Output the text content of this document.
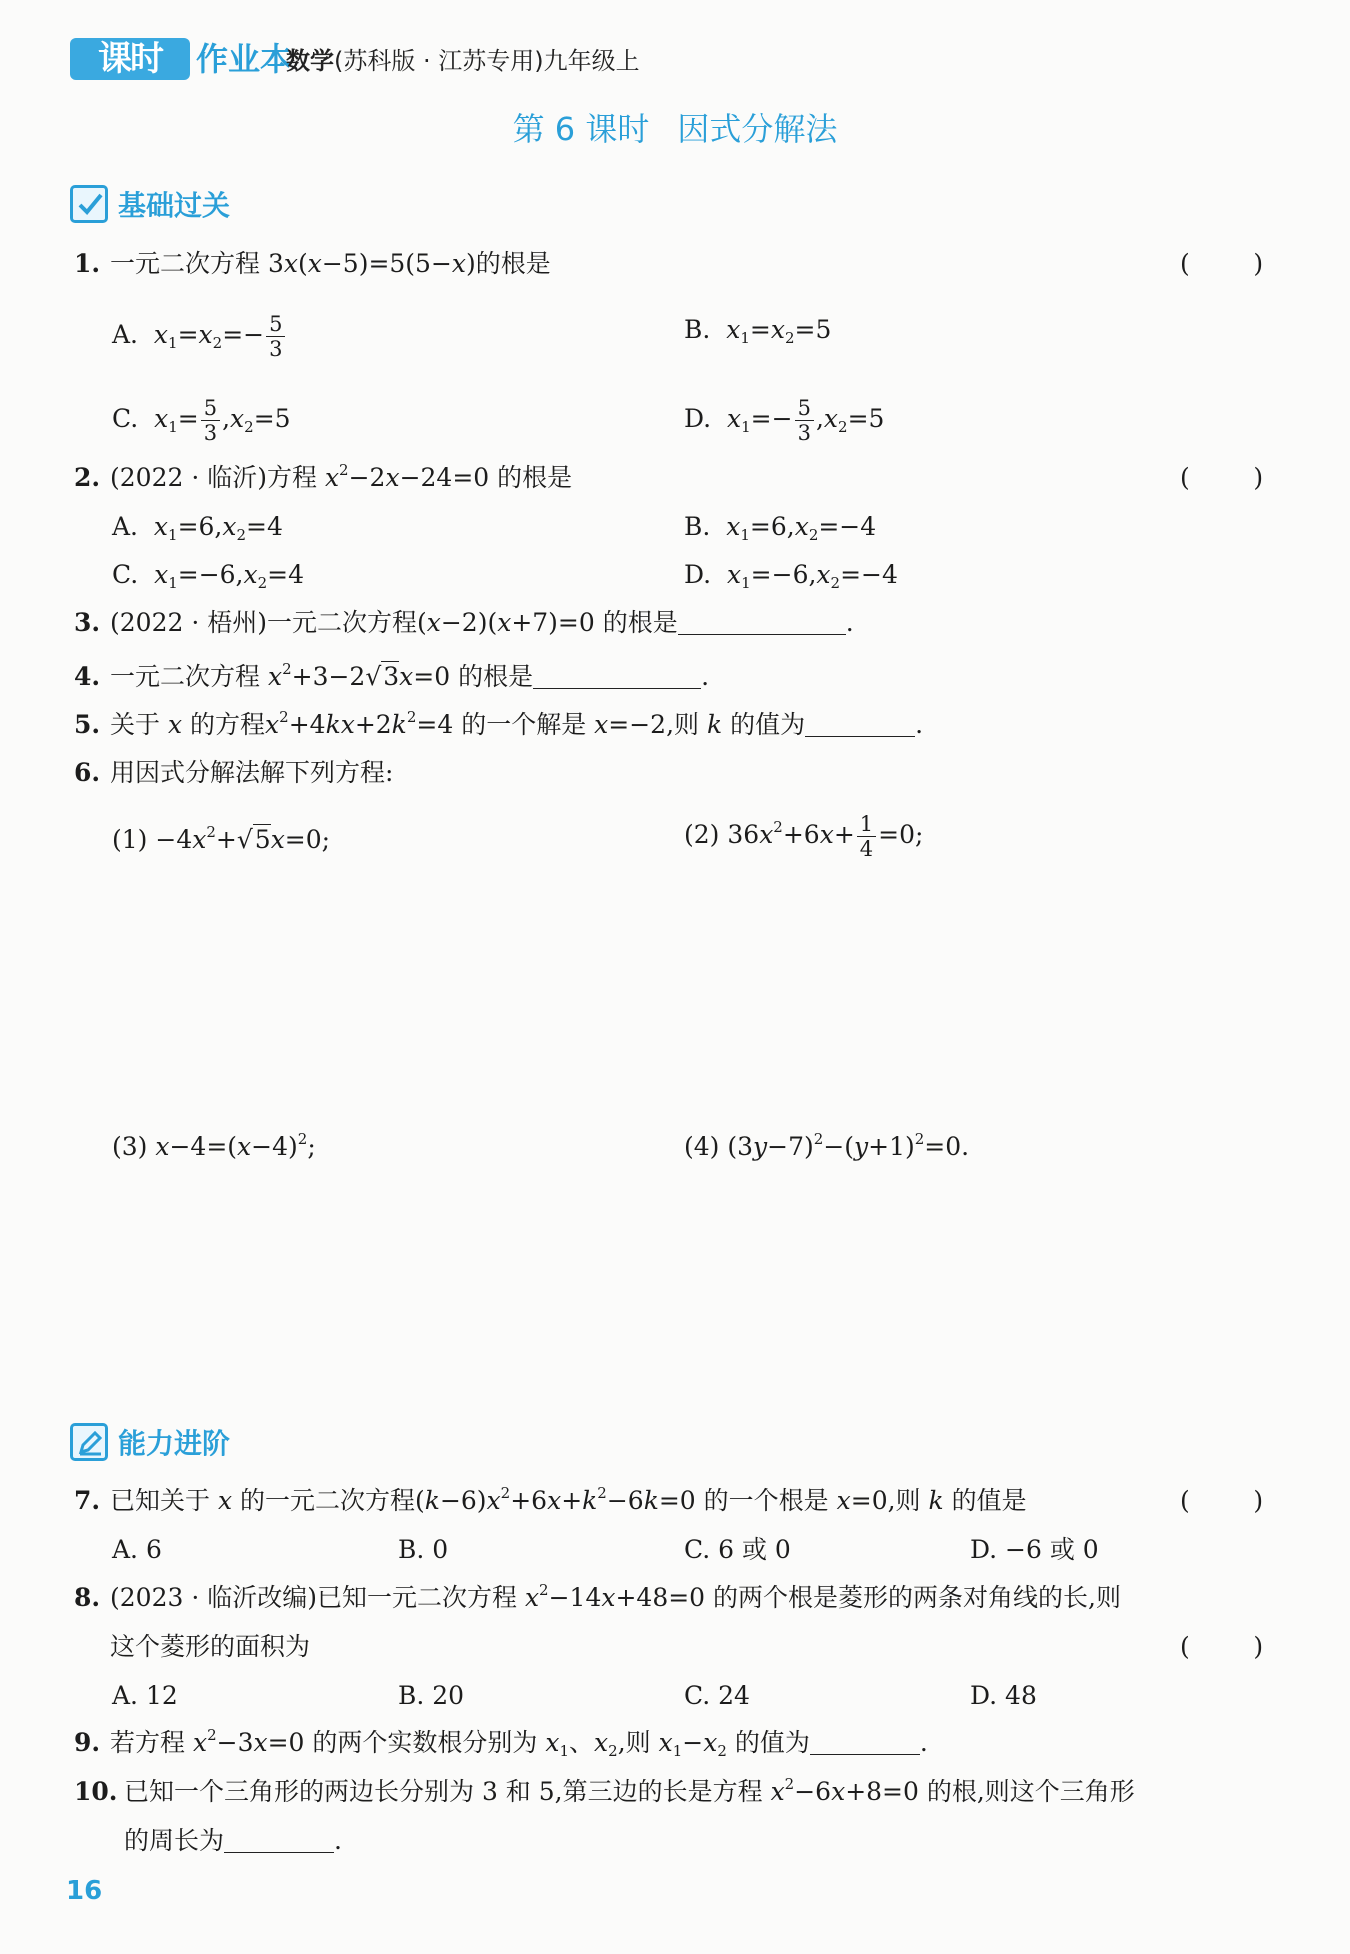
课时	作业本
数学(苏科版 · 江苏专用)九年级上
第 6 课时 因式分解法
基础过关
1. 一元二次方程 3x(x−5)=5(5−x)的根是	(        )
A. $x_1=x_2=- \frac{5}{3}$	B. $x_1=x_2=5$
C. $x_1= \frac{5}{3} ,x_2=5$	D. $x_1=- \frac{5}{3} ,x_2=5$
2. (2022 · 临沂)方程 $x^2-2x-24=0$ 的根是	(        )
A. $x_1=6,x_2=4$	B. $x_1=6,x_2=-4$
C. $x_1=-6,x_2=4$	D. $x_1=-6,x_2=-4$
3. (2022 · 梧州)一元二次方程(x−2)(x+7)=0 的根是	.
4. 一元二次方程 $x^2+3-2√3x=0$ 的根是	.
5. 关于 x 的方程$x^2+4kx+2k^2=4$ 的一个解是 x=−2,则 k 的值为	.
6. 用因式分解法解下列方程:
$(1) -4x^2+√5x=0$;	(2) $36x^2+6x+ \frac{1}{4} =0$;
(3) $x-4=(x-4)^2$;	(4) $(3y-7)^2-(y+1)^2=0$.
能力进阶
7. 已知关于 x 的一元二次方程$(k-6)x^2+6x+k^2-6k=0$ 的一个根是 x=0,则 k 的值是	(        )
A. 6	B. 0	C. 6 或 0	D. −6 或 0
8. (2023 · 临沂改编)已知一元二次方程 $x^2-14x+48=0$ 的两个根是菱形的两条对角线的长,则
这个菱形的面积为	(        )
A. 12	B. 20	C. 24	D. 48
9. 若方程 $x^2-3x=0$ 的两个实数根分别为 $x_1$、$x_2$,则 $x_1-x_2$ 的值为	.
10. 已知一个三角形的两边长分别为 3 和 5,第三边的长是方程 $x^2-6x+8=0$ 的根,则这个三角形
的周长为	.
16
